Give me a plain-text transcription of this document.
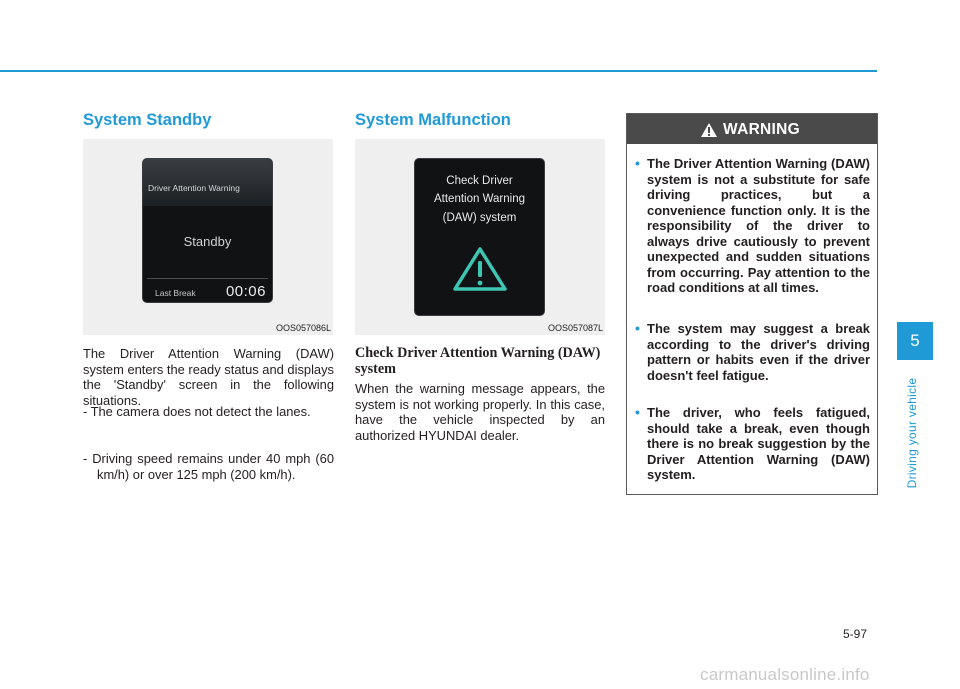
System Standby
Driver Attention Warning
Standby
Last Break 00:06
OOS057086L
The Driver Attention Warning (DAW) system enters the ready status and displays the 'Standby' screen in the following situations.
- The camera does not detect the lanes.
- Driving speed remains under 40 mph (60 km/h) or over 125 mph (200 km/h).
System Malfunction
Check Driver
Attention Warning
(DAW) system
OOS057087L
Check Driver Attention Warning (DAW) system
When the warning message appears, the system is not working properly. In this case, have the vehicle inspected by an authorized HYUNDAI dealer.
WARNING
• The Driver Attention Warning (DAW) system is not a substitute for safe driving practices, but a convenience function only. It is the responsibility of the driver to always drive cautiously to prevent unexpected and sudden situations from occurring. Pay attention to the road conditions at all times.
• The system may suggest a break according to the driver's driving pattern or habits even if the driver doesn't feel fatigue.
• The driver, who feels fatigued, should take a break, even though there is no break suggestion by the Driver Attention Warning (DAW) system.
5
Driving your vehicle
5-97
carmanualsonline.info
